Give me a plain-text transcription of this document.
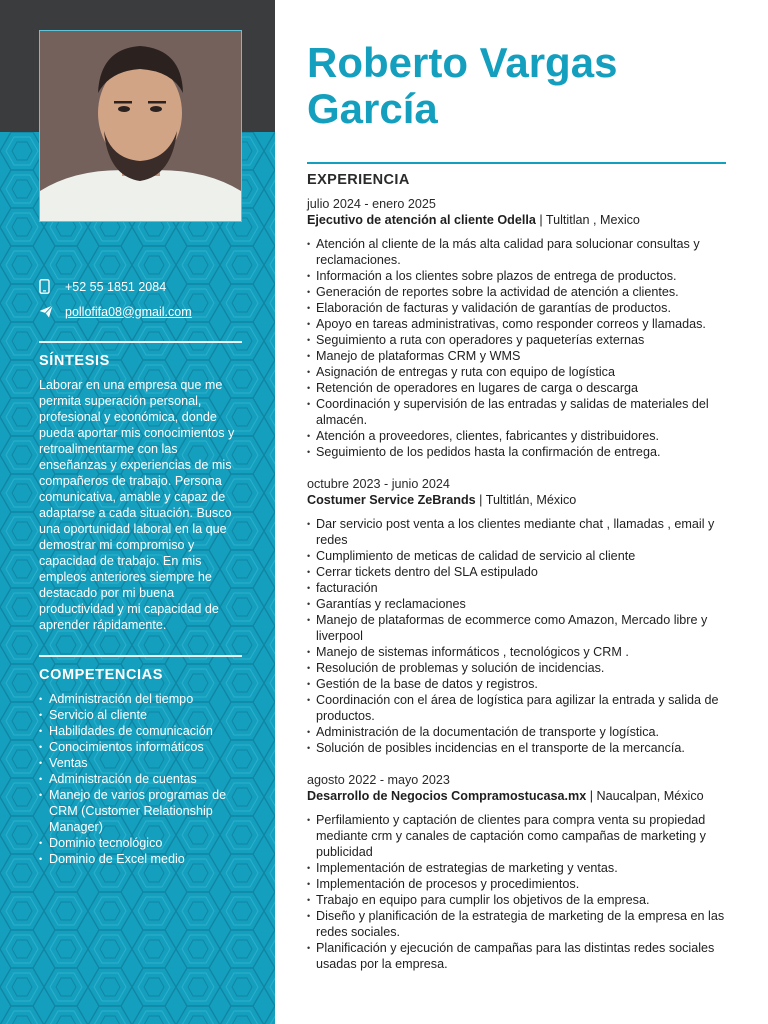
+52 55 1851 2084
pollofifa08@gmail.com
SÍNTESIS
Laborar en una empresa que me permita superación personal, profesional y económica, donde pueda aportar mis conocimientos y retroalimentarme con las enseñanzas y experiencias de mis compañeros de trabajo. Persona comunicativa, amable y capaz de adaptarse a cada situación. Busco una oportunidad laboral en la que demostrar mi compromiso y capacidad de trabajo. En mis empleos anteriores siempre he destacado por mi buena productividad y mi capacidad de aprender rápidamente.
COMPETENCIAS
• Administración del tiempo
• Servicio al cliente
• Habilidades de comunicación
• Conocimientos informáticos
• Ventas
• Administración de cuentas
• Manejo de varios programas de CRM (Customer Relationship Manager)
• Dominio tecnológico
• Dominio de Excel medio
Roberto Vargas García
EXPERIENCIA
julio 2024 - enero 2025
Ejecutivo de atención al cliente Odella | Tultitlan , Mexico
• Atención al cliente de la más alta calidad para solucionar consultas y reclamaciones.
• Información a los clientes sobre plazos de entrega de productos.
• Generación de reportes sobre la actividad de atención a clientes.
• Elaboración de facturas y validación de garantías de productos.
• Apoyo en tareas administrativas, como responder correos y llamadas.
• Seguimiento a ruta con operadores y paqueterías externas
• Manejo de plataformas CRM y WMS
• Asignación de entregas y ruta con equipo de logística
• Retención de operadores en lugares de carga o descarga
• Coordinación y supervisión de las entradas y salidas de materiales del almacén.
• Atención a proveedores, clientes, fabricantes y distribuidores.
• Seguimiento de los pedidos hasta la confirmación de entrega.
octubre 2023 - junio 2024
Costumer Service ZeBrands | Tultitlán, México
• Dar servicio post venta a los clientes mediante chat , llamadas , email y redes
• Cumplimiento de meticas de calidad de servicio al cliente
• Cerrar tickets dentro del SLA estipulado
• facturación
• Garantías y reclamaciones
• Manejo de plataformas de ecommerce como Amazon, Mercado libre y liverpool
• Manejo de sistemas informáticos , tecnológicos y CRM .
• Resolución de problemas y solución de incidencias.
• Gestión de la base de datos y registros.
• Coordinación con el área de logística para agilizar la entrada y salida de productos.
• Administración de la documentación de transporte y logística.
• Solución de posibles incidencias en el transporte de la mercancía.
agosto 2022 - mayo 2023
Desarrollo de Negocios Compramostucasa.mx | Naucalpan, México
• Perfilamiento y captación de clientes para compra venta su propiedad mediante crm y canales de captación como campañas de marketing y publicidad
• Implementación de estrategias de marketing y ventas.
• Implementación de procesos y procedimientos.
• Trabajo en equipo para cumplir los objetivos de la empresa.
• Diseño y planificación de la estrategia de marketing de la empresa en las redes sociales.
• Planificación y ejecución de campañas para las distintas redes sociales usadas por la empresa.
